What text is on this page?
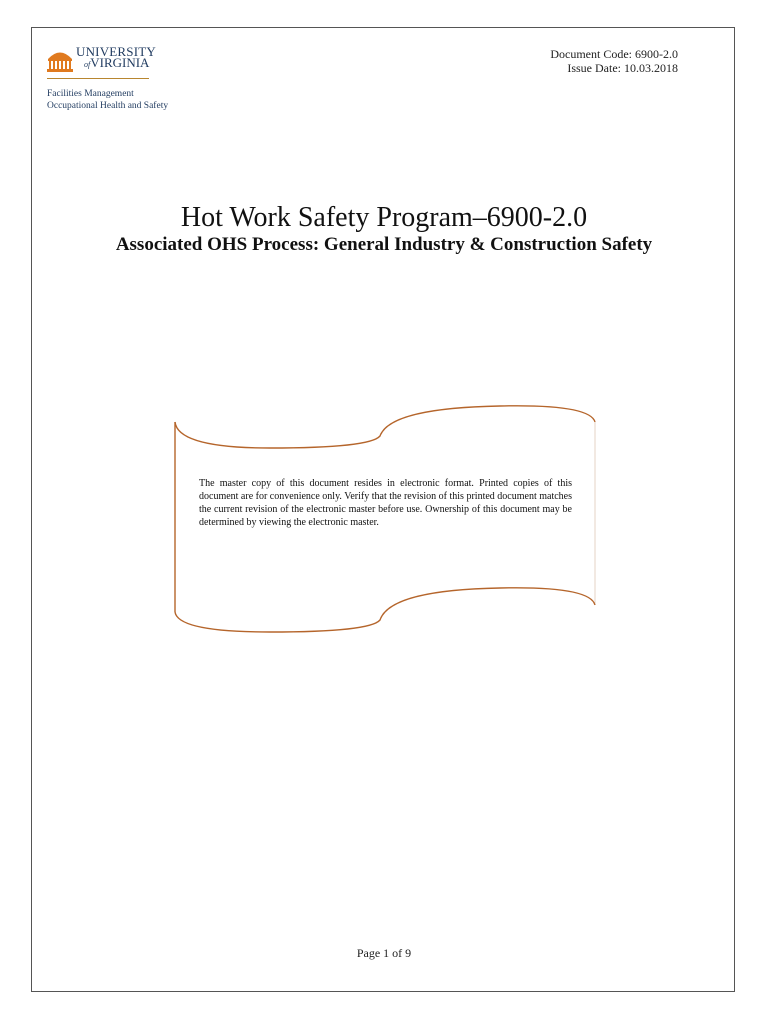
UNIVERSITY
ofVIRGINIA
Facilities Management
Occupational Health and Safety
Document Code: 6900-2.0
Issue Date: 10.03.2018
Hot Work Safety Program–6900-2.0
Associated OHS Process: General Industry & Construction Safety
The master copy of this document resides in electronic format. Printed copies of this document are for convenience only. Verify that the revision of this printed document matches the current revision of the electronic master before use. Ownership of this document may be determined by viewing the electronic master.
Page 1 of 9
